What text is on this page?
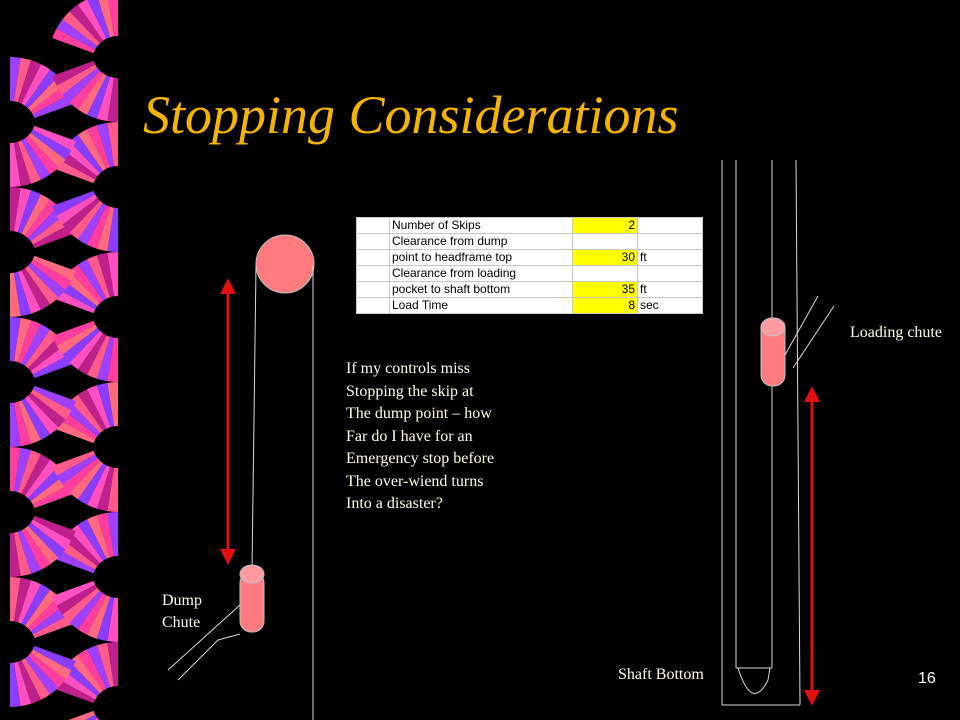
Stopping Considerations
	Number of Skips	2	
	Clearance from dump		
	point to headframe top	30	ft
	Clearance from loading		
	pocket to shaft bottom	35	ft
	Load Time	8	sec
If my controls miss
Stopping the skip at
The dump point – how
Far do I have for an
Emergency stop before
The over-wiend turns
Into a disaster?
Dump
Chute
Loading chute
Shaft Bottom	16
